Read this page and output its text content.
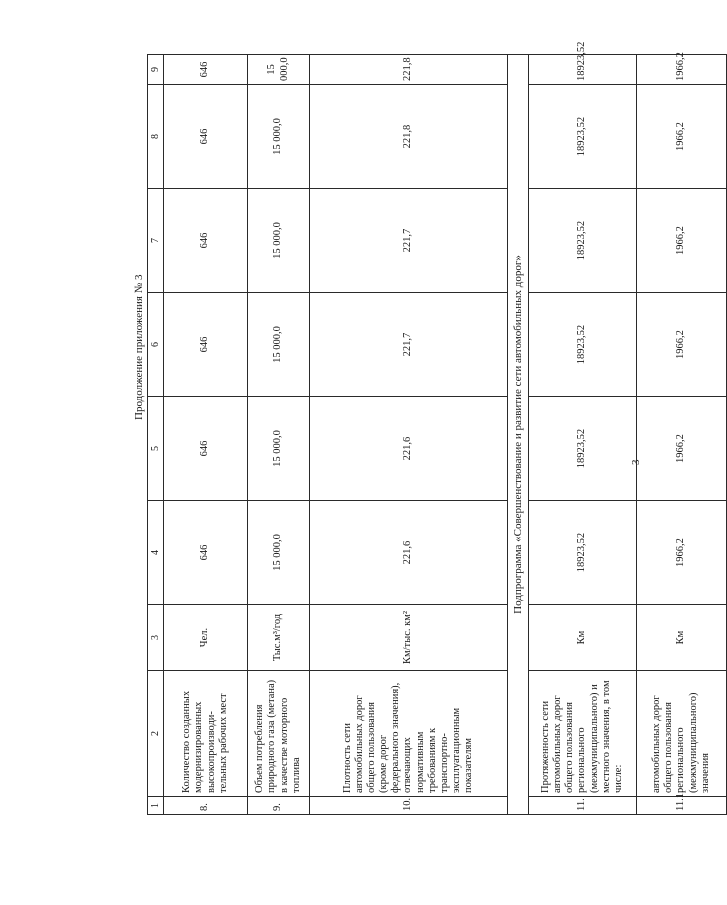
3
Продолжение приложения № 3
1	2	3	4	5	6	7	8	9
8.	Количество созданных модернизированных высокопроизводи-тельных рабочих мест	Чел.	646	646	646	646	646	646
9.	Объем потребления природного газа (метана) в качестве моторного топлива	Тыс.м³/год	15 000,0	15 000,0	15 000,0	15 000,0	15 000,0	15 000,0
10.	Плотность сети автомобильных дорог общего пользования (кроме дорог федерального значения), отвечающих нормативным требованиям к транспортно-эксплуатационным показателям	Км/тыс. км²	221,6	221,6	221,7	221,7	221,8	221,8
Подпрограмма «Совершенствование и развитие сети автомобильных дорог»								
11.	Протяженность сети автомобильных дорог общего пользования регионального (межмуниципального) и местного значения, в том числе:	Км	18923,52	18923,52	18923,52	18923,52	18923,52	18923,52
11.1.	автомобильных дорог общего пользования регионального (межмуниципального) значения	Км	1966,2	1966,2	1966,2	1966,2	1966,2	1966,2
